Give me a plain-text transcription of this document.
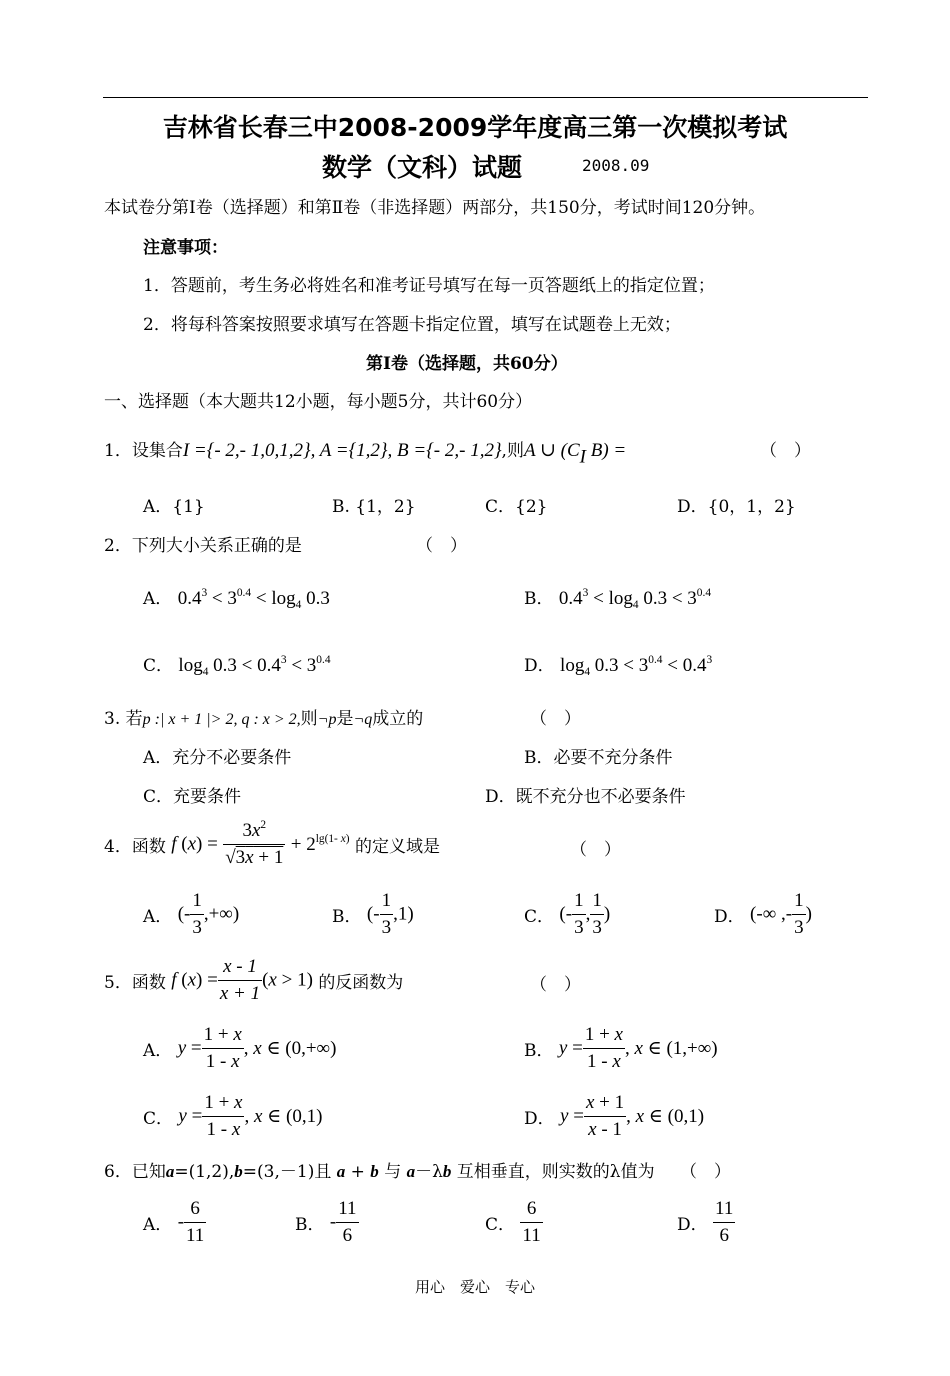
吉林省长春三中2008-2009学年度高三第一次模拟考试
数学（文科）试题	2008.09
本试卷分第Ⅰ卷（选择题）和第Ⅱ卷（非选择题）两部分，共150分，考试时间120分钟。
注意事项：
1．答题前，考生务必将姓名和准考证号填写在每一页答题纸上的指定位置；
2．将每科答案按照要求填写在答题卡指定位置，填写在试题卷上无效；
第Ⅰ卷（选择题，共60分）
一、选择题（本大题共12小题，每小题5分，共计60分）
1．设集合I ={- 2,- 1,0,1,2}, A ={1,2}, B ={- 2,- 1,2},则A ∪ ($C_I$ B) =	（　）
A．{1}	B. {1，2}	C．{2}	D．{0，1，2}
2．下列大小关系正确的是	（　）
A． $0.4^3 < 3^{0.4} < \log_4 0.3$	B． $0.4^3 < \log_4 0.3 < 3^{0.4}$
C． $\log_4 0.3 < 0.4^3 < 3^{0.4}$	D． $\log_4 0.3 < 3^{0.4} < 0.4^3$
3. 若p :| x + 1 |> 2, q : x > 2,则¬p是¬q成立的	（　）
A．充分不必要条件	B．必要不充分条件
C．充要条件	D．既不充分也不必要条件
4．函数 f $(x) = \frac{3x^2}{√3x + 1} + 2^{lg(1- x)}$ 的定义域是	（　）
A． (- $\frac{1}{3}$ ,+∞)	B． (- $\frac{1}{3} ,1$)	C． (- $\frac{1}{3}$ , $\frac{1}{3}$ )	D． (-∞ ,- $\frac{1}{3}$ )
5．函数 f $(x) = \frac{x - 1}{x + 1} (x > 1)$ 的反函数为	（　）
A． $y = \frac{1 + x}{1 - x}$ , x ∈ (0,+∞)	B． $y = \frac{1 + x}{1 - x}$ , x ∈ (1,+∞)
C． $y = \frac{1 + x}{1 - x}$ , x ∈ (0,1)	D． $y = \frac{x + 1}{x - 1}$ , x ∈ (0,1)
6．已知a=(1,2),b=(3,－1)且 a + b 与 a－λb 互相垂直，则实数的λ值为 （　）
A． - $\frac{6}{11}$	B． - $\frac{11}{6}$	C． $\frac{6}{11}$	D． $\frac{11}{6}$
用心　爱心　专心
